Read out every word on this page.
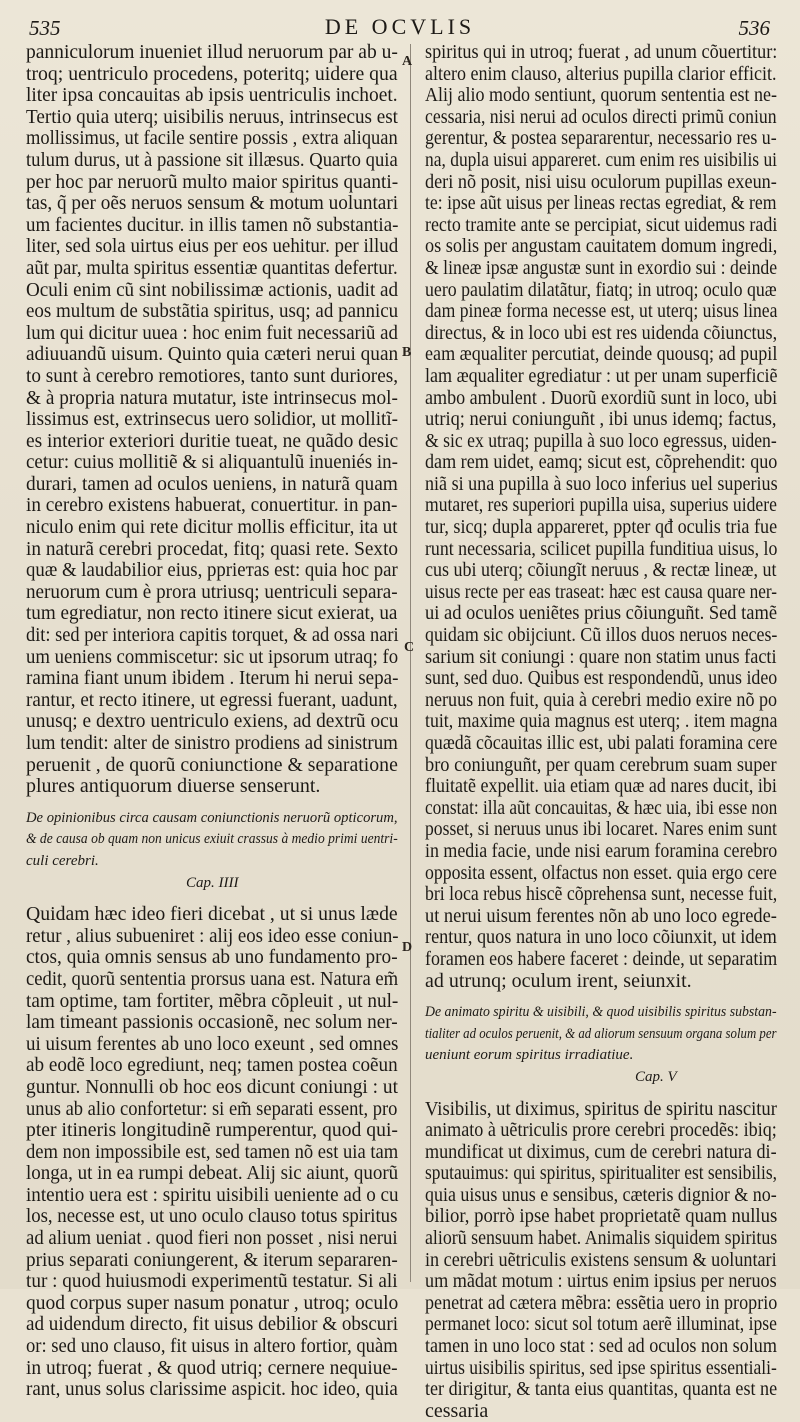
535	DE OCVLIS	536
panniculorum inueniet illud neruorum par ab u-
troq; uentriculo procedens, poteritq; uidere qua
liter ipsa concauitas ab ipsis uentriculis inchoet.
Tertio quia uterq; uisibilis neruus, intrinsecus est
mollissimus, ut facile sentire possis , extra aliquan
tulum durus, ut à passione sit illæsus. Quarto quia
per hoc par neruorũ multo maior spiritus quanti-
tas, q̃ per oẽs neruos sensum & motum uoluntari
um facientes ducitur. in illis tamen nõ substantia-
liter, sed sola uirtus eius per eos uehitur. per illud
aũt par, multa spiritus essentiæ quantitas defertur.
Oculi enim cũ sint nobilissimæ actionis, uadit ad
eos multum de substãtia spiritus, usq; ad pannicu
lum qui dicitur uuea : hoc enim fuit necessariũ ad
adiuuandũ uisum. Quinto quia cæteri nerui quan
to sunt à cerebro remotiores, tanto sunt duriores,
& à propria natura mutatur, iste intrinsecus mol-
lissimus est, extrinsecus uero solidior, ut mollitĩ-
es interior exteriori duritie tueat, ne quãdo desic
cetur: cuius mollitiẽ & si aliquantulũ inueniés in-
durari, tamen ad oculos ueniens, in naturã quam
in cerebro existens habuerat, conuertitur. in pan-
niculo enim qui rete dicitur mollis efficitur, ita ut
in naturã cerebri procedat, fitq; quasi rete. Sexto
quæ & laudabilior eius, ppriетas est: quia hoc par
neruorum cum è prora utriusq; uentriculi separa-
tum egrediatur, non recto itinere sicut exierat, ua
dit: sed per interiora capitis torquet, & ad ossa nari
um ueniens commiscetur: sic ut ipsorum utraq; fo
ramina fiant unum ibidem . Iterum hi nerui sepa-
rantur, et recto itinere, ut egressi fuerant, uadunt,
unusq; e dextro uentriculo exiens, ad dextrũ ocu
lum tendit: alter de sinistro prodiens ad sinistrum
peruenit , de quorũ coniunctione & separatione
plures antiquorum diuerse senserunt.
De opinionibus circa causam coniunctionis neruorũ opticorum,
& de causa ob quam non unicus exiuit crassus à medio primi uentri-
culi cerebri.
Cap. IIII
Quidam hæc ideo fieri dicebat , ut si unus læde
retur , alius subueniret : alij eos ideo esse coniun-
ctos, quia omnis sensus ab uno fundamento pro-
cedit, quorũ sententia prorsus uana est. Natura em̃
tam optime, tam fortiter, mẽbra cõpleuit , ut nul-
lam timeant passionis occasionẽ, nec solum ner-
ui uisum ferentes ab uno loco exeunt , sed omnes
ab eodẽ loco egrediunt, neq; tamen postea coẽun
guntur. Nonnulli ob hoc eos dicunt coniungi : ut
unus ab alio confortetur: si em̃ separati essent, pro
pter itineris longitudinẽ rumperentur, quod qui-
dem non impossibile est, sed tamen nõ est uia tam
longa, ut in ea rumpi debeat. Alij sic aiunt, quorũ
intentio uera est : spiritu uisibili ueniente ad o cu
los, necesse est, ut uno oculo clauso totus spiritus
ad alium ueniat . quod fieri non posset , nisi nerui
prius separati coniungerent, & iterum separaren-
tur : quod huiusmodi experimentũ testatur. Si ali
quod corpus super nasum ponatur , utroq; oculo
ad uidendum directo, fit uisus debilior & obscuri
or: sed uno clauso, fit uisus in altero fortior, quàm
in utroq; fuerat , & quod utriq; cernere nequiue-
rant, unus solus clarissime aspicit. hoc ideo, quia
spiritus qui in utroq; fuerat , ad unum cõuertitur:
altero enim clauso, alterius pupilla clarior efficit.
Alij alio modo sentiunt, quorum sententia est ne-
cessaria, nisi nerui ad oculos directi primũ coniun
gerentur, & postea separarentur, necessario res u-
na, dupla uisui appareret. cum enim res uisibilis ui
deri nõ posit, nisi uisu oculorum pupillas exeun-
te: ipse aũt uisus per lineas rectas egrediat, & rem
recto tramite ante se percipiat, sicut uidemus radi
os solis per angustam cauitatem domum ingredi,
& lineæ ipsæ angustæ sunt in exordio sui : deinde
uero paulatim dilatãtur, fiatq; in utroq; oculo quæ
dam pineæ forma necesse est, ut uterq; uisus linea
directus, & in loco ubi est res uidenda cõiunctus,
eam æqualiter percutiat, deinde quousq; ad pupil
lam æqualiter egrediatur : ut per unam superficiẽ
ambo ambulent . Duorũ exordiũ sunt in loco, ubi
utriq; nerui coniunguñt , ibi unus idemq; factus,
& sic ex utraq; pupilla à suo loco egressus, uiden-
dam rem uidet, eamq; sicut est, cõprehendit: quo
niã si una pupilla à suo loco inferius uel superius
mutaret, res superiori pupilla uisa, superius uidere
tur, sicq; dupla appareret, ppter qđ oculis tria fue
runt necessaria, scilicet pupilla funditiua uisus, lo
cus ubi uterq; cõiungĩt neruus , & rectæ lineæ, ut
uisus recte per eas traseat: hæc est causa quare ner-
ui ad oculos ueniẽtes prius cõiunguñt. Sed tamẽ
quidam sic obijciunt. Cũ illos duos neruos neces-
sarium sit coniungi : quare non statim unus facti
sunt, sed duo. Quibus est respondendũ, unus ideo
neruus non fuit, quia à cerebri medio exire nõ po
tuit, maxime quia magnus est uterq; . item magna
quædã cõcauitas illic est, ubi palati foramina cere
bro coniunguñt, per quam cerebrum suam super
fluitatẽ expellit. uia etiam quæ ad nares ducit, ibi
constat: illa aũt concauitas, & hæc uia, ibi esse non
posset, si neruus unus ibi locaret. Nares enim sunt
in media facie, unde nisi earum foramina cerebro
opposita essent, olfactus non esset. quia ergo cere
bri loca rebus hiscẽ cõprehensa sunt, necesse fuit,
ut nerui uisum ferentes nõn ab uno loco egrede-
rentur, quos natura in uno loco cõiunxit, ut idem
foramen eos habere faceret : deinde, ut separatim
ad utrunq; oculum irent, seiunxit.
De animato spiritu & uisibili, & quod uisibilis spiritus substan-
tialiter ad oculos peruenit, & ad aliorum sensuum organa solum per
ueniunt eorum spiritus irradiatiue.
Cap. V
Visibilis, ut diximus, spiritus de spiritu nascitur
animato à uẽtriculis prore cerebri procedẽs: ibiq;
mundificat ut diximus, cum de cerebri natura di-
sputauimus: qui spiritus, spiritualiter est sensibilis,
quia uisus unus e sensibus, cæteris dignior & no-
bilior, porrò ipse habet proprietatẽ quam nullus
aliorũ sensuum habet. Animalis siquidem spiritus
in cerebri uẽtriculis existens sensum & uoluntari
um mãdat motum : uirtus enim ipsius per neruos
penetrat ad cætera mẽbra: essẽtia uero in proprio
permanet loco: sicut sol totum aerẽ illuminat, ipse
tamen in uno loco stat : sed ad oculos non solum
uirtus uisibilis spiritus, sed ipse spiritus essentiali-
ter dirigitur, & tanta eius quantitas, quanta est ne
cessaria
A
B
C
D
